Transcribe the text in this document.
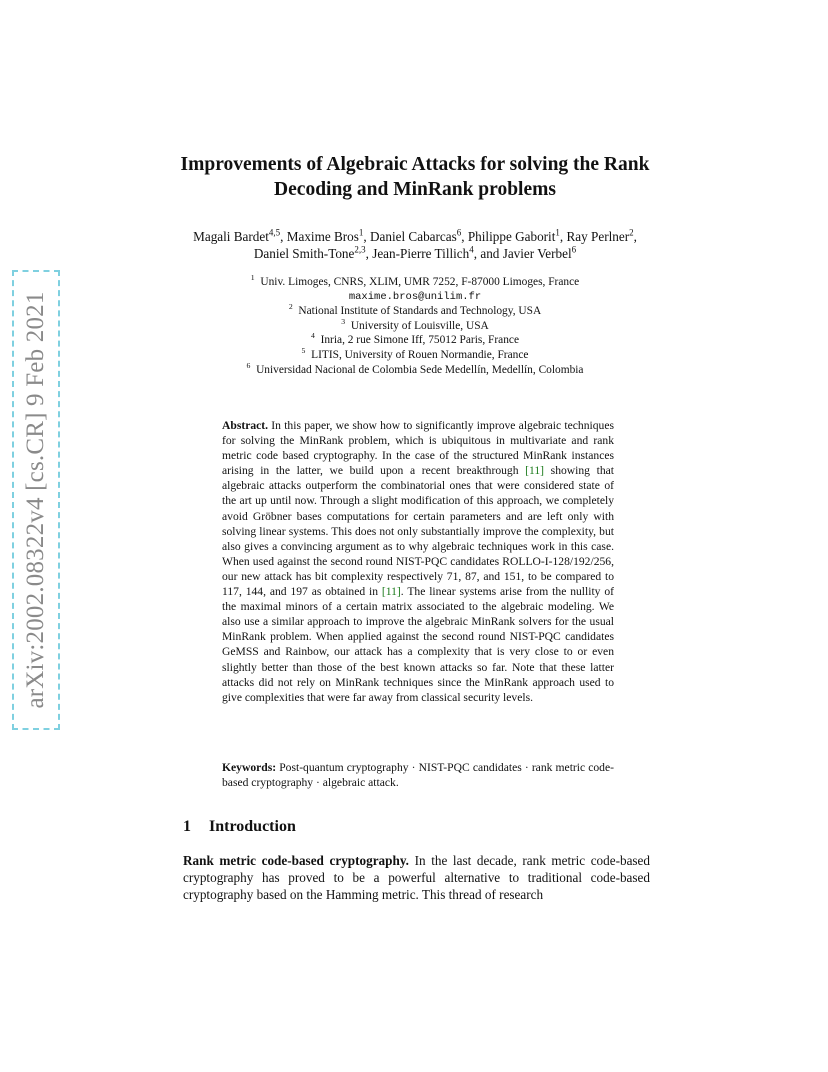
arXiv:2002.08322v4 [cs.CR] 9 Feb 2021
Improvements of Algebraic Attacks for solving the Rank Decoding and MinRank problems
Magali Bardet$^{4,5}$, Maxime Bros$^1$, Daniel Cabarcas$^6$, Philippe Gaborit$^1$, Ray Perlner$^2$, Daniel Smith-Tone$^{2,3}$, Jean-Pierre Tillich$^4$, and Javier Verbel$^6$
$^1$ Univ. Limoges, CNRS, XLIM, UMR 7252, F-87000 Limoges, France
maxime.bros@unilim.fr
$^2$ National Institute of Standards and Technology, USA
$^3$ University of Louisville, USA
$^4$ Inria, 2 rue Simone Iff, 75012 Paris, France
$^5$ LITIS, University of Rouen Normandie, France
$^6$ Universidad Nacional de Colombia Sede Medellín, Medellín, Colombia
Abstract. In this paper, we show how to significantly improve algebraic techniques for solving the MinRank problem, which is ubiquitous in multivariate and rank metric code based cryptography. In the case of the structured MinRank instances arising in the latter, we build upon a recent breakthrough [11] showing that algebraic attacks outperform the combinatorial ones that were considered state of the art up until now. Through a slight modification of this approach, we completely avoid Gröbner bases computations for certain parameters and are left only with solving linear systems. This does not only substantially improve the complexity, but also gives a convincing argument as to why algebraic techniques work in this case. When used against the second round NIST-PQC candidates ROLLO-I-128/192/256, our new attack has bit complexity respectively 71, 87, and 151, to be compared to 117, 144, and 197 as obtained in [11]. The linear systems arise from the nullity of the maximal minors of a certain matrix associated to the algebraic modeling. We also use a similar approach to improve the algebraic MinRank solvers for the usual MinRank problem. When applied against the second round NIST-PQC candidates GeMSS and Rainbow, our attack has a complexity that is very close to or even slightly better than those of the best known attacks so far. Note that these latter attacks did not rely on MinRank techniques since the MinRank approach used to give complexities that were far away from classical security levels.
Keywords: Post-quantum cryptography · NIST-PQC candidates · rank metric code-based cryptography · algebraic attack.
1 Introduction
Rank metric code-based cryptography. In the last decade, rank metric code-based cryptography has proved to be a powerful alternative to traditional code-based cryptography based on the Hamming metric. This thread of research
